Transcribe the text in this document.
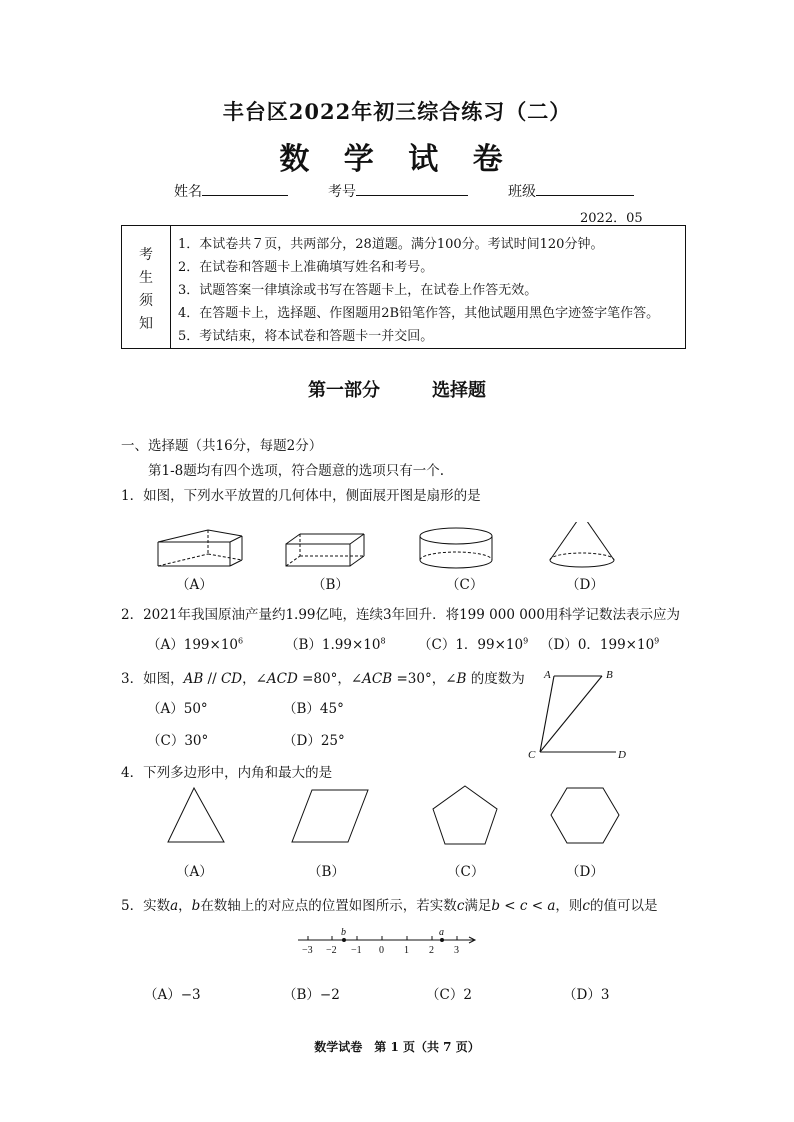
丰台区2022年初三综合练习（二）
数 学 试 卷
姓名	考号	班级
2022．05
考
生
须
知
1．本试卷共７页，共两部分，28道题。满分100分。考试时间120分钟。
2．在试卷和答题卡上准确填写姓名和考号。
3．试题答案一律填涂或书写在答题卡上，在试卷上作答无效。
4．在答题卡上，选择题、作图题用2B铅笔作答，其他试题用黑色字迹签字笔作答。
5．考试结束，将本试卷和答题卡一并交回。
第一部分	选择题
一、选择题（共16分，每题2分）
第1-8题均有四个选项，符合题意的选项只有一个.
1．如图，下列水平放置的几何体中，侧面展开图是扇形的是
（A）	（B）	（C）	（D）
2．2021年我国原油产量约1.99亿吨，连续3年回升．将199 000 000用科学记数法表示应为
$(A)199\times 10^6$	$(B)1.99\times 10^8$ （C）1．$99\times 10^9$ （D）0．$199\times 10^9$
3．如图，AB // CD，∠ACD =80°，∠ACB =30°，∠B 的度数为
（A）50°	（B）45°
（C）30°	（D）25°
A	B
C	D
4．下列多边形中，内角和最大的是
（A）	（B）	（C）	（D）
5．实数a，b在数轴上的对应点的位置如图所示，若实数c满足b < c < a，则c的值可以是
b	a
−3 −2 −1 0 1 2 3
（A）−3	（B）−2	（C）2	（D）3
数学试卷　第 1 页（共 7 页）
